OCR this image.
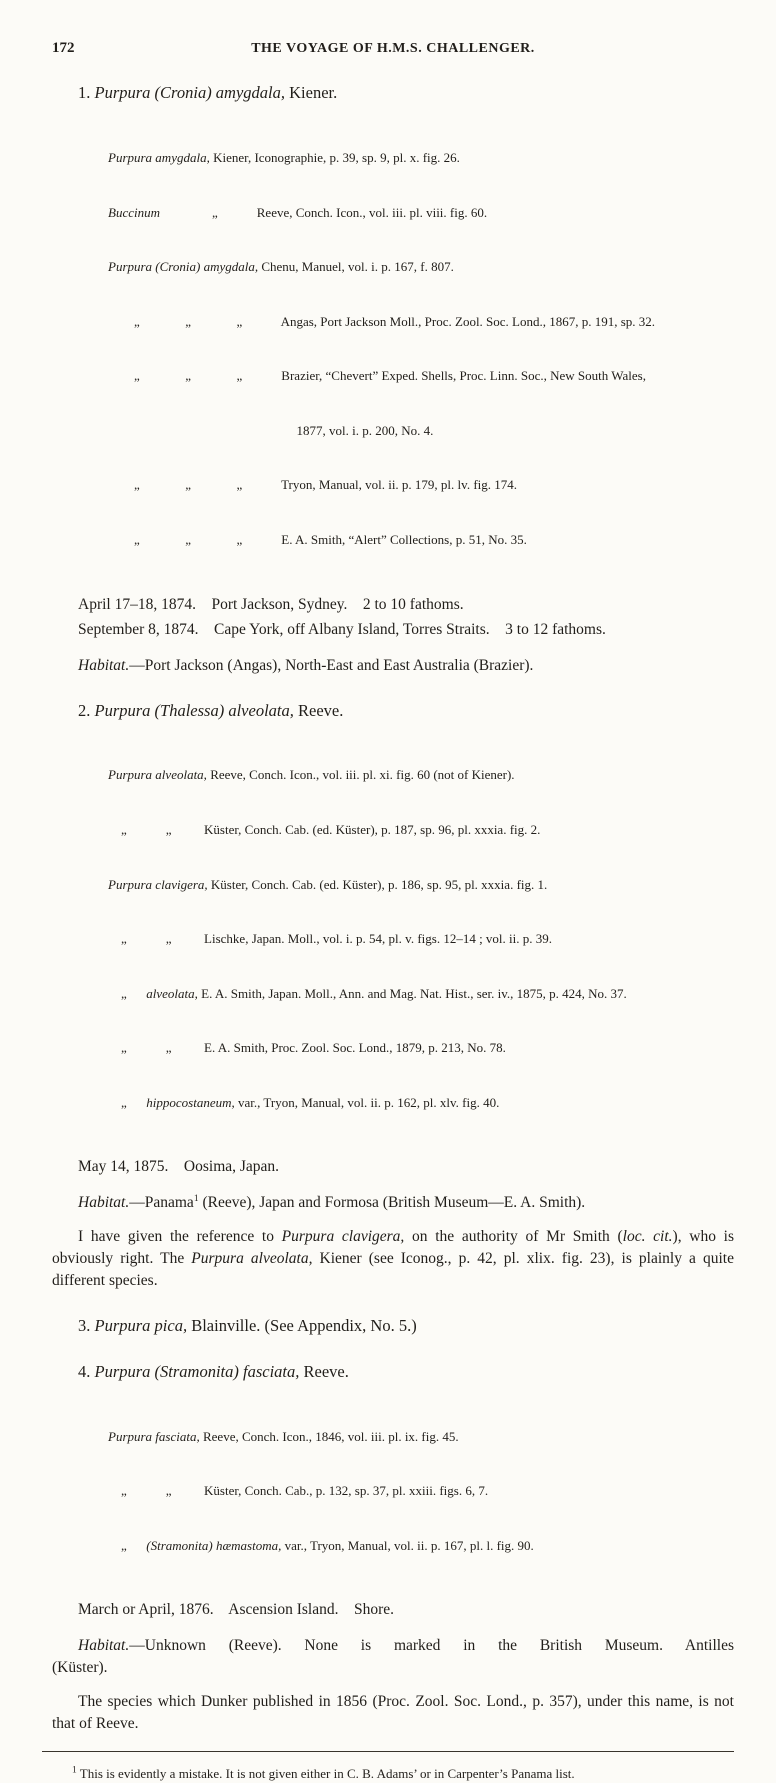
172	THE VOYAGE OF H.M.S. CHALLENGER.

1. Purpura (Cronia) amygdala, Kiener.

Purpura amygdala, Kiener, Iconographie, p. 39, sp. 9, pl. x. fig. 26.

Buccinum                „            Reeve, Conch. Icon., vol. iii. pl. viii. fig. 60.

Purpura (Cronia) amygdala, Chenu, Manuel, vol. i. p. 167, f. 807.

„              „              „            Angas, Port Jackson Moll., Proc. Zool. Soc. Lond., 1867, p. 191, sp. 32.

„              „              „            Brazier, “Chevert” Exped. Shells, Proc. Linn. Soc., New South Wales,

1877, vol. i. p. 200, No. 4.

„              „              „            Tryon, Manual, vol. ii. p. 179, pl. lv. fig. 174.

„              „              „            E. A. Smith, “Alert” Collections, p. 51, No. 35.

April 17–18, 1874.    Port Jackson, Sydney.    2 to 10 fathoms.

September 8, 1874.    Cape York, off Albany Island, Torres Straits.    3 to 12 fathoms.

Habitat.—Port Jackson (Angas), North-East and East Australia (Brazier).

2. Purpura (Thalessa) alveolata, Reeve.

Purpura alveolata, Reeve, Conch. Icon., vol. iii. pl. xi. fig. 60 (not of Kiener).

„            „          Küster, Conch. Cab. (ed. Küster), p. 187, sp. 96, pl. xxxia. fig. 2.

Purpura clavigera, Küster, Conch. Cab. (ed. Küster), p. 186, sp. 95, pl. xxxia. fig. 1.

„            „          Lischke, Japan. Moll., vol. i. p. 54, pl. v. figs. 12–14 ; vol. ii. p. 39.

„      alveolata, E. A. Smith, Japan. Moll., Ann. and Mag. Nat. Hist., ser. iv., 1875, p. 424, No. 37.

„            „          E. A. Smith, Proc. Zool. Soc. Lond., 1879, p. 213, No. 78.

„      hippocostaneum, var., Tryon, Manual, vol. ii. p. 162, pl. xlv. fig. 40.

May 14, 1875.    Oosima, Japan.

Habitat.—Panama$^1$ (Reeve), Japan and Formosa (British Museum—E. A. Smith).

I have given the reference to Purpura clavigera, on the authority of Mr Smith (loc. cit.), who is obviously right. The Purpura alveolata, Kiener (see Iconog., p. 42, pl. xlix. fig. 23), is plainly a quite different species.

3. Purpura pica, Blainville. (See Appendix, No. 5.)

4. Purpura (Stramonita) fasciata, Reeve.

Purpura fasciata, Reeve, Conch. Icon., 1846, vol. iii. pl. ix. fig. 45.

„            „          Küster, Conch. Cab., p. 132, sp. 37, pl. xxiii. figs. 6, 7.

„      (Stramonita) hæmastoma, var., Tryon, Manual, vol. ii. p. 167, pl. l. fig. 90.

March or April, 1876.    Ascension Island.    Shore.

Habitat.—Unknown (Reeve). None is marked in the British Museum. Antilles

(Küster).

The species which Dunker published in 1856 (Proc. Zool. Soc. Lond., p. 357), under this name, is not that of Reeve.

$^1$ This is evidently a mistake. It is not given either in C. B. Adams’ or in Carpenter’s Panama list.
